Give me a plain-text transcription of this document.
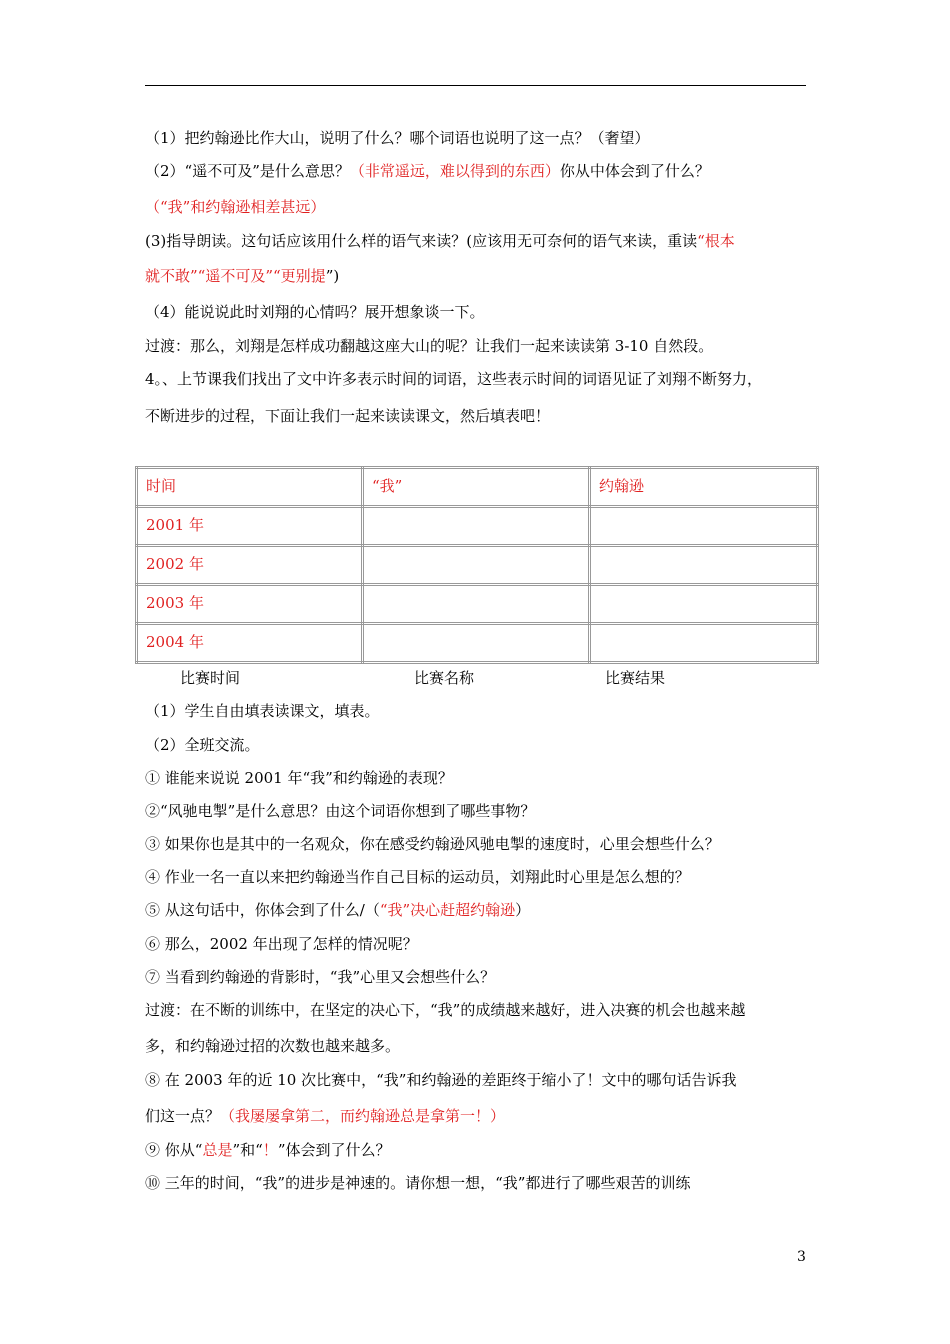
（1）把约翰逊比作大山，说明了什么？哪个词语也说明了这一点？（奢望）
（2）“遥不可及”是什么意思？（非常遥远，难以得到的东西）你从中体会到了什么？
（“我”和约翰逊相差甚远）
(3)指导朗读。这句话应该用什么样的语气来读？(应该用无可奈何的语气来读，重读“根本
就不敢”“遥不可及”“更别提”)
（4）能说说此时刘翔的心情吗？展开想象谈一下。
过渡：那么，刘翔是怎样成功翻越这座大山的呢？让我们一起来读读第 3-10 自然段。
4。、上节课我们找出了文中许多表示时间的词语，这些表示时间的词语见证了刘翔不断努力，
不断进步的过程，下面让我们一起来读读课文，然后填表吧！
时间	“我”	约翰逊

2001 年		

2002 年		

2003 年		

2004 年		

比赛时间	比赛名称	比赛结果
（1）学生自由填表读课文，填表。
（2）全班交流。
① 谁能来说说 2001 年“我”和约翰逊的表现？
②“风驰电掣”是什么意思？由这个词语你想到了哪些事物？
③ 如果你也是其中的一名观众，你在感受约翰逊风驰电掣的速度时，心里会想些什么？
④ 作业一名一直以来把约翰逊当作自己目标的运动员，刘翔此时心里是怎么想的？
⑤ 从这句话中，你体会到了什么/（“我”决心赶超约翰逊）
⑥ 那么，2002 年出现了怎样的情况呢？
⑦ 当看到约翰逊的背影时，“我”心里又会想些什么？
过渡：在不断的训练中，在坚定的决心下，“我”的成绩越来越好，进入决赛的机会也越来越
多，和约翰逊过招的次数也越来越多。
⑧ 在 2003 年的近 10 次比赛中，“我”和约翰逊的差距终于缩小了！文中的哪句话告诉我
们这一点？（我屡屡拿第二，而约翰逊总是拿第一！）
⑨ 你从“总是”和“！”体会到了什么？
⑩ 三年的时间，“我”的进步是神速的。请你想一想，“我”都进行了哪些艰苦的训练
3
